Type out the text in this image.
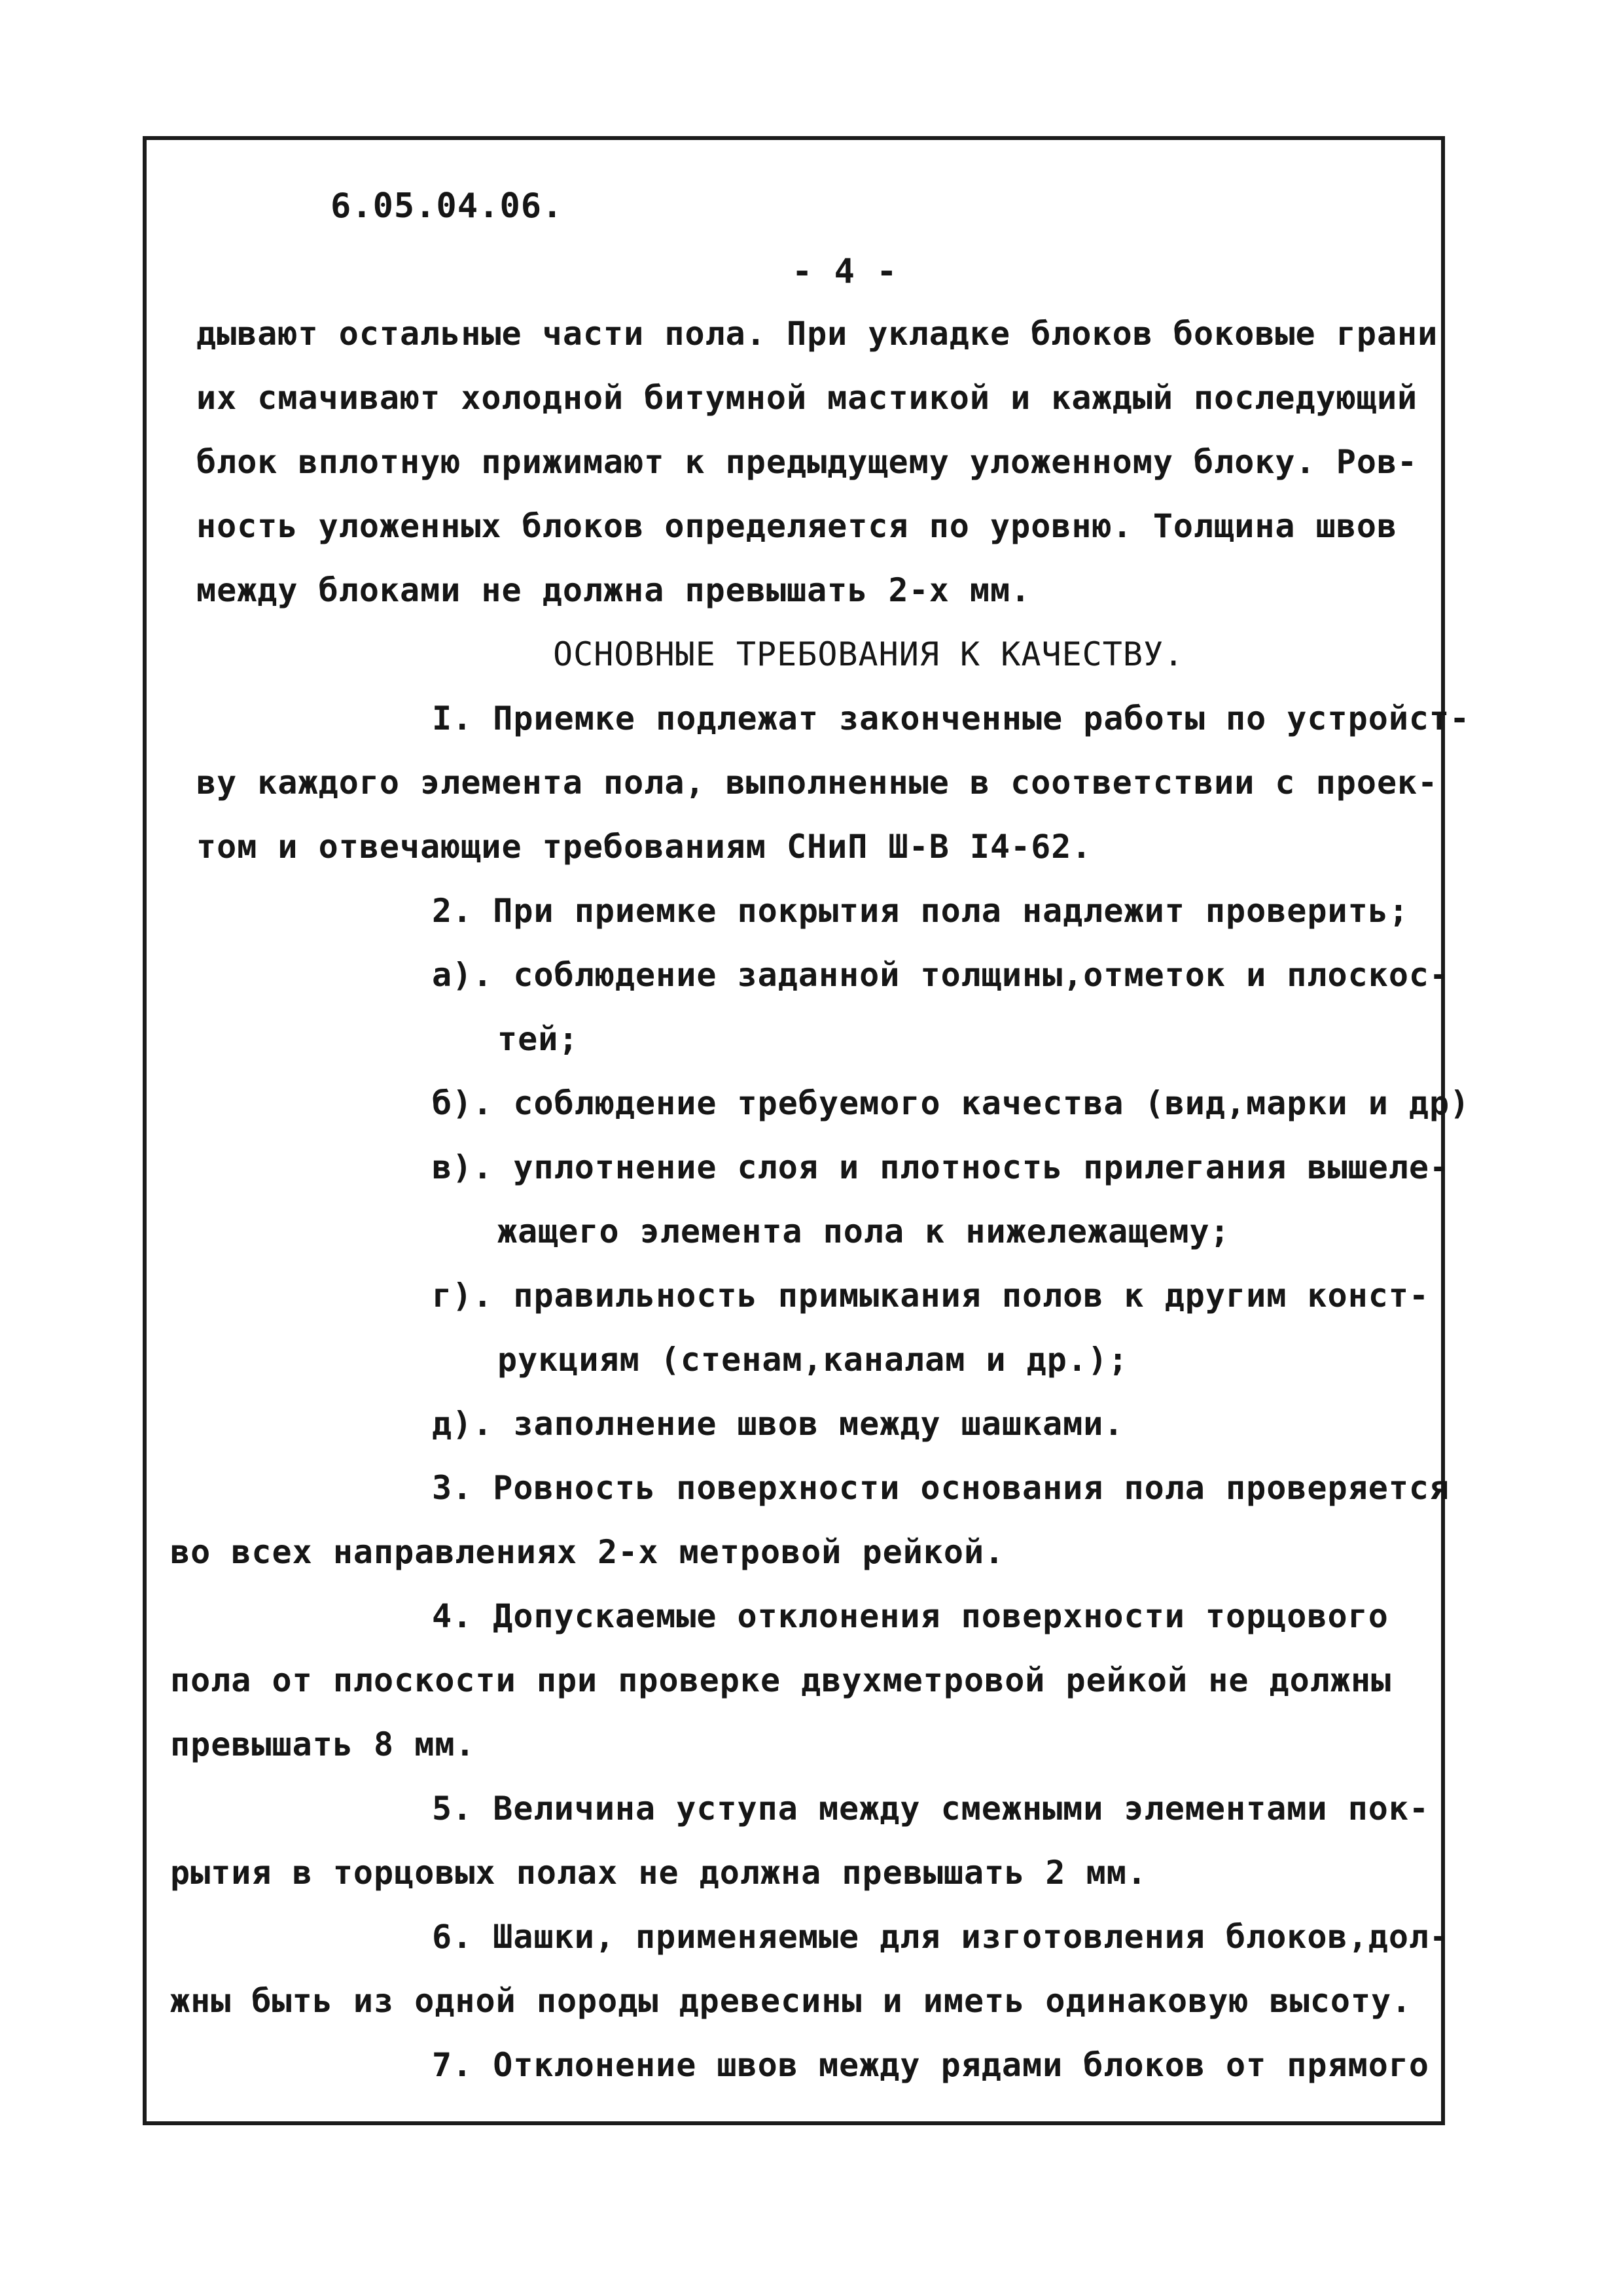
6.05.04.06.
- 4 -
дывают остальные части пола. При укладке блоков боковые грани
их смачивают холодной битумной мастикой и каждый последующий
блок вплотную прижимают к предыдущему уложенному блоку. Ров-
ность уложенных блоков определяется по уровню. Толщина швов
между блоками не должна превышать 2-х мм.
ОСНОВНЫЕ ТРЕБОВАНИЯ К КАЧЕСТВУ.
I. Приемке подлежат законченные работы по устройст-
ву каждого элемента пола, выполненные в соответствии с проек-
том и отвечающие требованиям СНиП Ш-В I4-62.
2. При приемке покрытия пола надлежит проверить;
а). соблюдение заданной толщины,отметок и плоскос-
тей;
б). соблюдение требуемого качества (вид,марки и др)
в). уплотнение слоя и плотность прилегания вышеле-
жащего элемента пола к нижележащему;
г). правильность примыкания полов к другим конст-
рукциям (стенам,каналам и др.);
д). заполнение швов между шашками.
3. Ровность поверхности основания пола проверяется
во всех направлениях 2-х метровой рейкой.
4. Допускаемые отклонения поверхности торцового
пола от плоскости при проверке двухметровой рейкой не должны
превышать 8 мм.
5. Величина уступа между смежными элементами пок-
рытия в торцовых полах не должна превышать 2 мм.
6. Шашки, применяемые для изготовления блоков,дол-
жны быть из одной породы древесины и иметь одинаковую высоту.
7. Отклонение швов между рядами блоков от прямого
